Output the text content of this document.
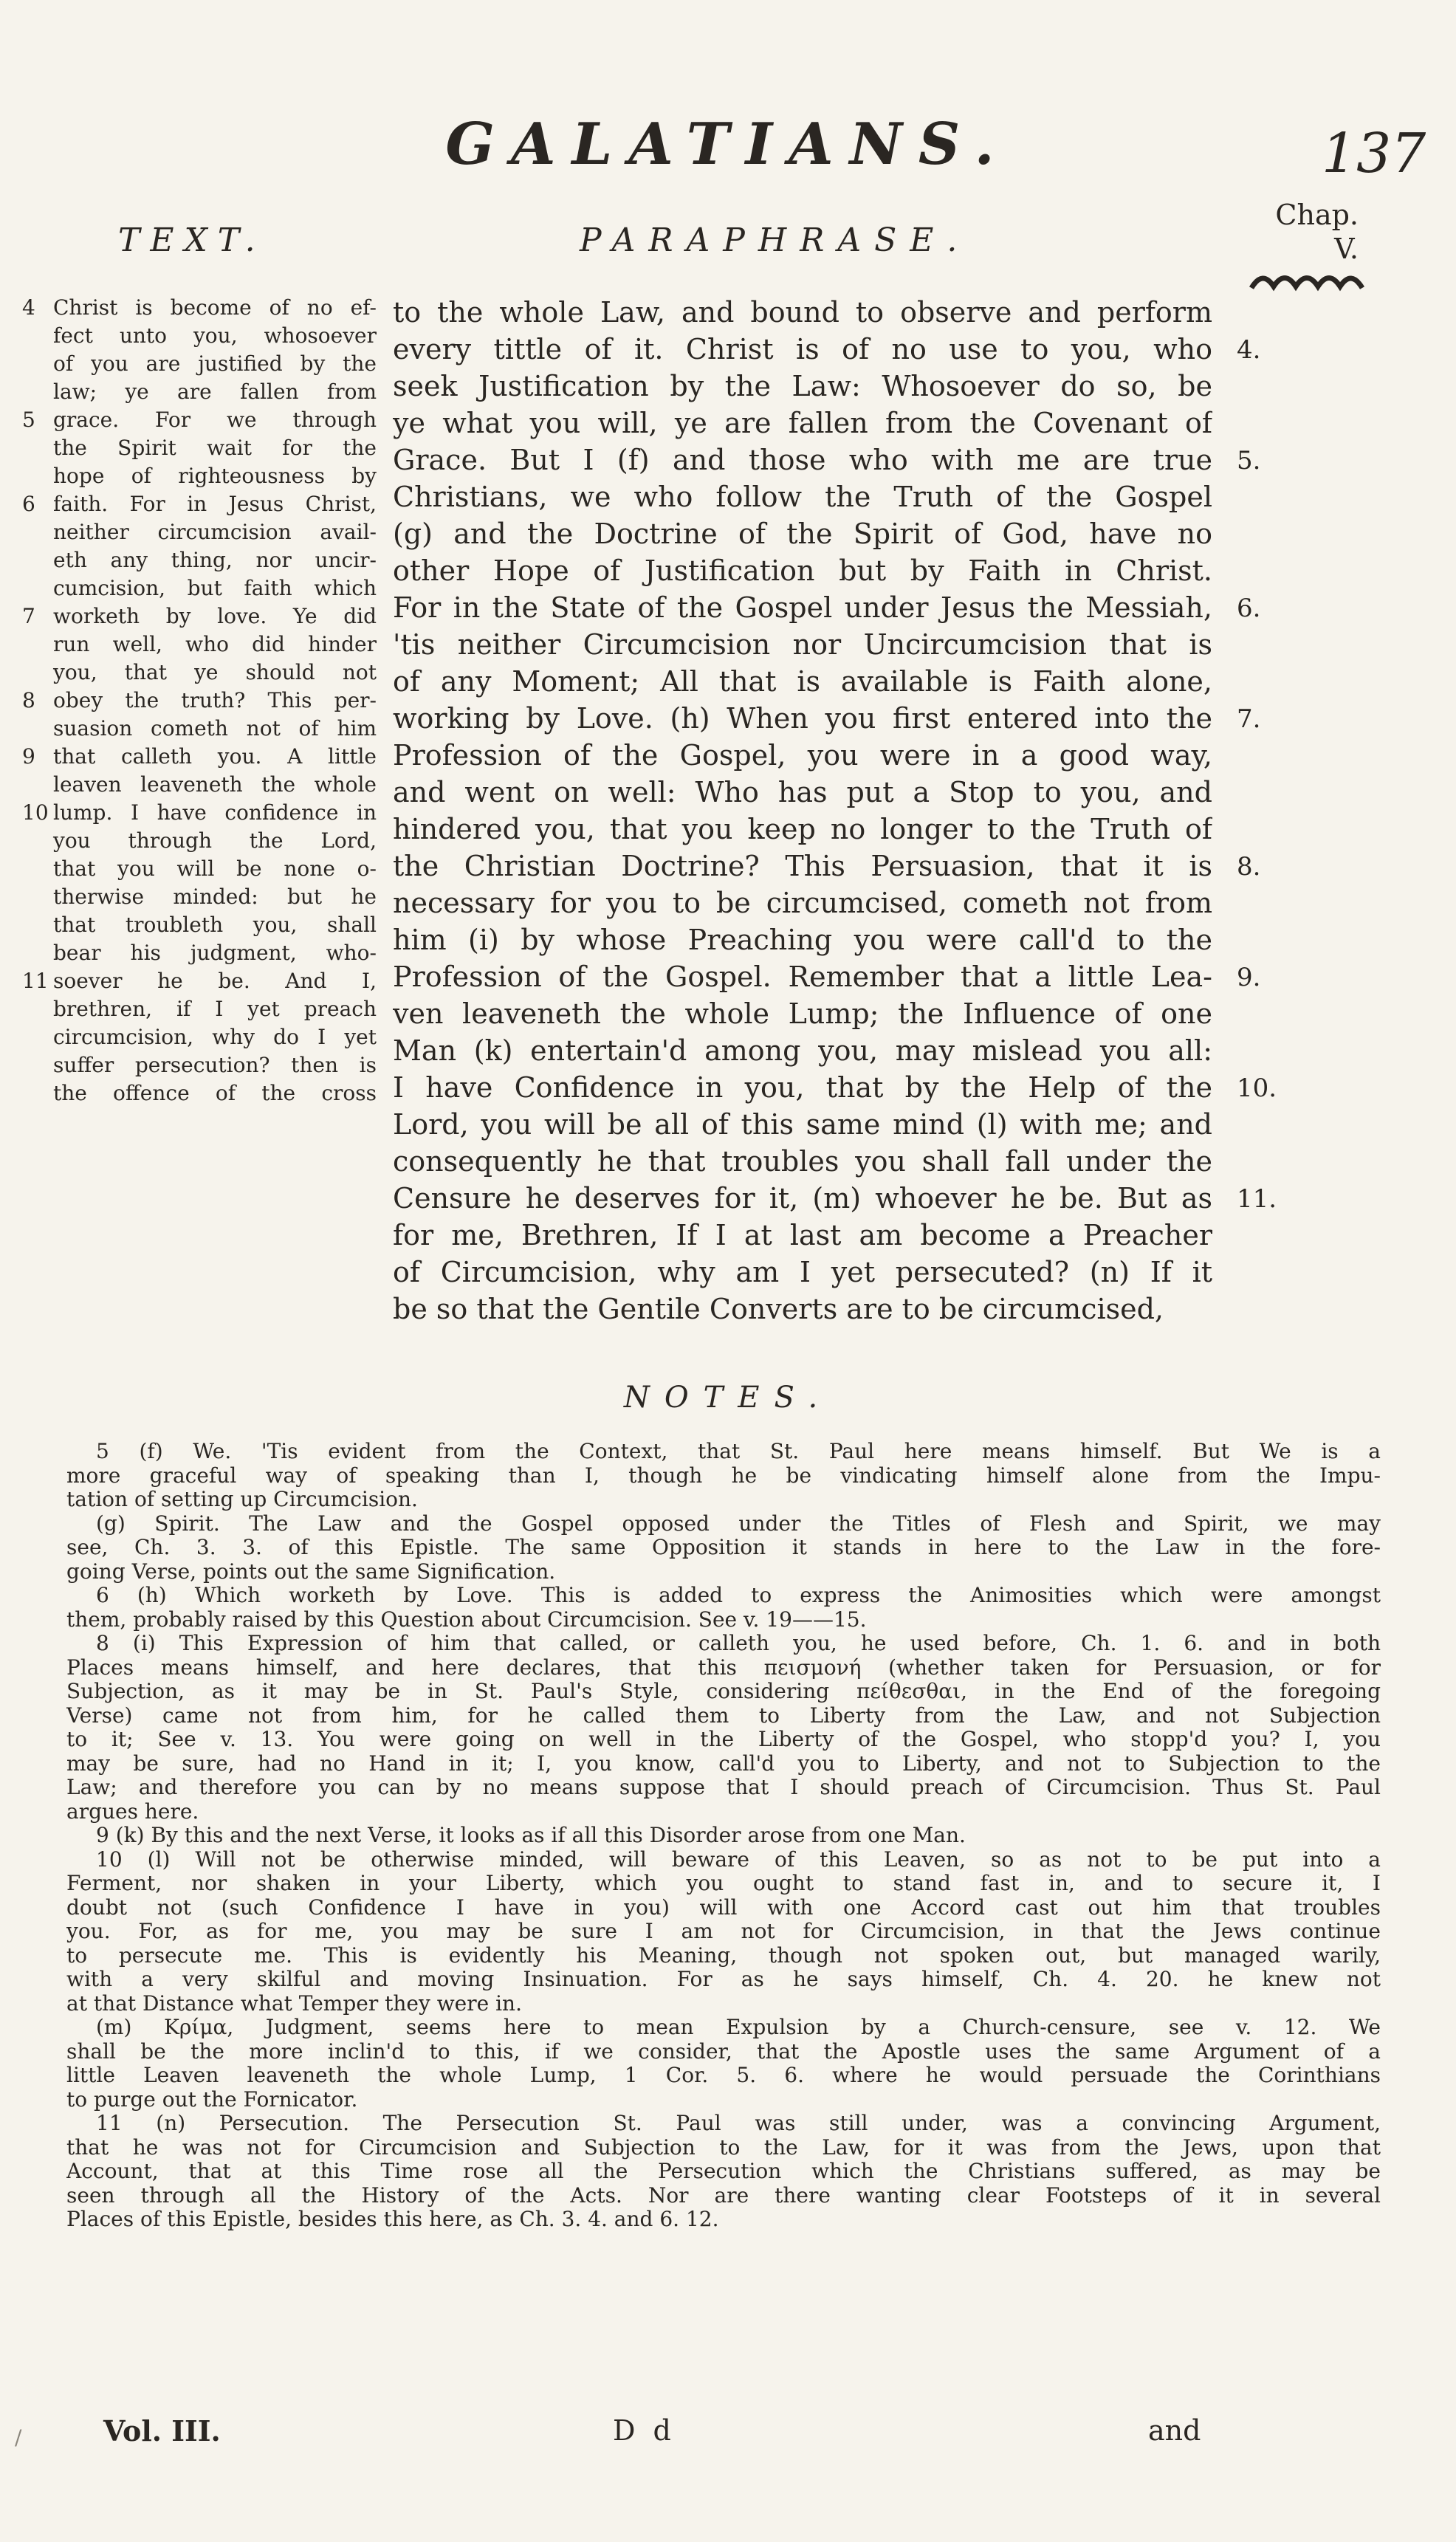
GALATIANS.	137
Chap.
V.
TEXT.	PARAPHRASE.
4 Christ is become of no ef-
fect unto you, whosoever
of you are justified by the
law; ye are fallen from
5 grace. For we through
the Spirit wait for the
hope of righteousness by
6 faith. For in Jesus Christ,
neither circumcision avail-
eth any thing, nor uncir-
cumcision, but faith which
7 worketh by love. Ye did
run well, who did hinder
you, that ye should not
8 obey the truth? This per-
suasion cometh not of him
9 that calleth you. A little
leaven leaveneth the whole
10 lump. I have confidence in
you through the Lord,
that you will be none o-
therwise minded: but he
that troubleth you, shall
bear his judgment, who-
11 soever he be. And I,
brethren, if I yet preach
circumcision, why do I yet
suffer persecution? then is
the offence of the cross
to the whole Law, and bound to observe and perform
every tittle of it. Christ is of no use to you, who
seek Justification by the Law: Whosoever do so, be
ye what you will, ye are fallen from the Covenant of
Grace. But I (f) and those who with me are true
Christians, we who follow the Truth of the Gospel
(g) and the Doctrine of the Spirit of God, have no
other Hope of Justification but by Faith in Christ.
For in the State of the Gospel under Jesus the Messiah,
'tis neither Circumcision nor Uncircumcision that is
of any Moment; All that is available is Faith alone,
working by Love. (h) When you first entered into the
Profession of the Gospel, you were in a good way,
and went on well: Who has put a Stop to you, and
hindered you, that you keep no longer to the Truth of
the Christian Doctrine? This Persuasion, that it is
necessary for you to be circumcised, cometh not from
him (i) by whose Preaching you were call'd to the
Profession of the Gospel. Remember that a little Lea-
ven leaveneth the whole Lump; the Influence of one
Man (k) entertain'd among you, may mislead you all:
I have Confidence in you, that by the Help of the
Lord, you will be all of this same mind (l) with me; and
consequently he that troubles you shall fall under the
Censure he deserves for it, (m) whoever he be. But as
for me, Brethren, If I at last am become a Preacher
of Circumcision, why am I yet persecuted? (n) If it
be so that the Gentile Converts are to be circumcised,
4.
5.
6.
7.
8.
9.
10.
11.
NOTES.
5 (f) We. 'Tis evident from the Context, that St. Paul here means himself. But We is a
more graceful way of speaking than I, though he be vindicating himself alone from the Impu-
tation of setting up Circumcision.
(g) Spirit. The Law and the Gospel opposed under the Titles of Flesh and Spirit, we may
see, Ch. 3. 3. of this Epistle. The same Opposition it stands in here to the Law in the fore-
going Verse, points out the same Signification.
6 (h) Which worketh by Love. This is added to express the Animosities which were amongst
them, probably raised by this Question about Circumcision. See v. 19——15.
8 (i) This Expression of him that called, or calleth you, he used before, Ch. 1. 6. and in both
Places means himself, and here declares, that this πεισμονή (whether taken for Persuasion, or for
Subjection, as it may be in St. Paul's Style, considering πείθεσθαι, in the End of the foregoing
Verse) came not from him, for he called them to Liberty from the Law, and not Subjection
to it; See v. 13. You were going on well in the Liberty of the Gospel, who stopp'd you? I, you
may be sure, had no Hand in it; I, you know, call'd you to Liberty, and not to Subjection to the
Law; and therefore you can by no means suppose that I should preach of Circumcision. Thus St. Paul
argues here.
9 (k) By this and the next Verse, it looks as if all this Disorder arose from one Man.
10 (l) Will not be otherwise minded, will beware of this Leaven, so as not to be put into a
Ferment, nor shaken in your Liberty, which you ought to stand fast in, and to secure it, I
doubt not (such Confidence I have in you) will with one Accord cast out him that troubles
you. For, as for me, you may be sure I am not for Circumcision, in that the Jews continue
to persecute me. This is evidently his Meaning, though not spoken out, but managed warily,
with a very skilful and moving Insinuation. For as he says himself, Ch. 4. 20. he knew not
at that Distance what Temper they were in.
(m) Κρίμα, Judgment, seems here to mean Expulsion by a Church-censure, see v. 12. We
shall be the more inclin'd to this, if we consider, that the Apostle uses the same Argument of a
little Leaven leaveneth the whole Lump, 1 Cor. 5. 6. where he would persuade the Corinthians
to purge out the Fornicator.
11 (n) Persecution. The Persecution St. Paul was still under, was a convincing Argument,
that he was not for Circumcision and Subjection to the Law, for it was from the Jews, upon that
Account, that at this Time rose all the Persecution which the Christians suffered, as may be
seen through all the History of the Acts. Nor are there wanting clear Footsteps of it in several
Places of this Epistle, besides this here, as Ch. 3. 4. and 6. 12.
Vol. III.	D d	and
/
